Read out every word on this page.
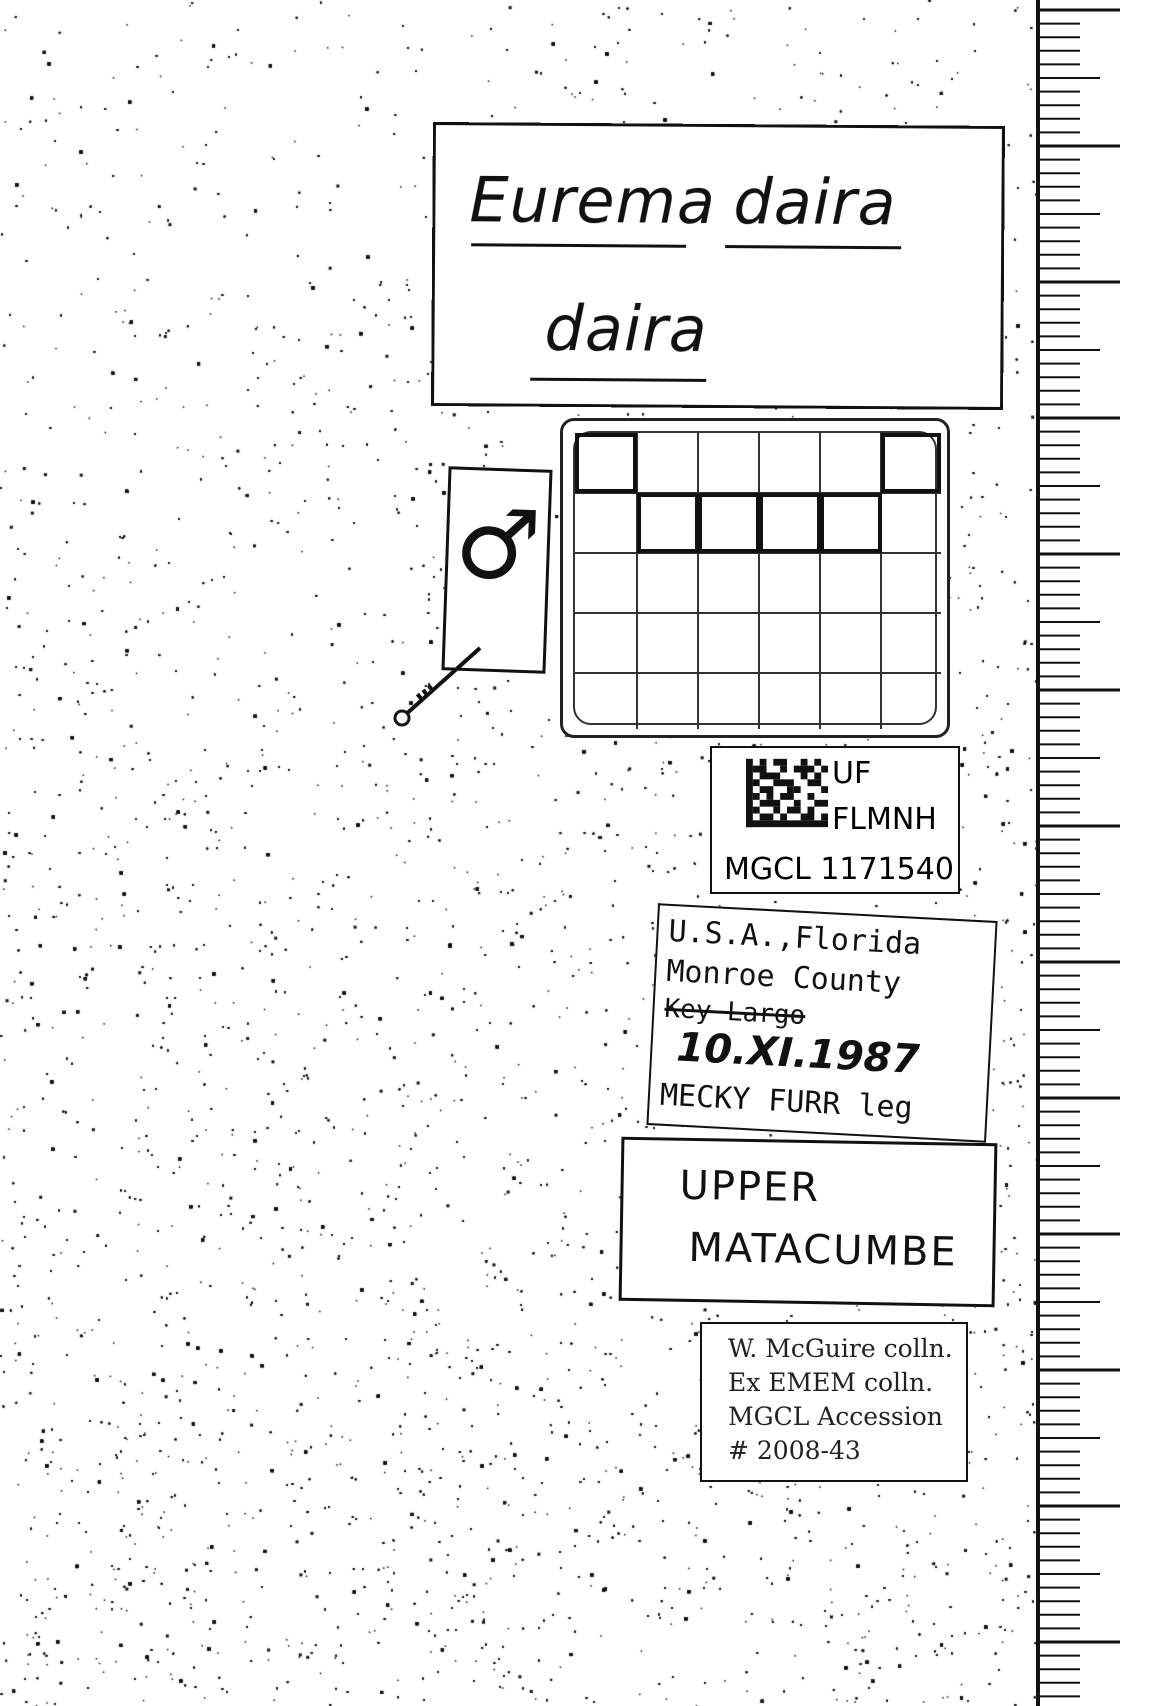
Eurema daira
daira
♂
UF
FLMNH
MGCL 1171540
U.S.A.,Florida
Monroe County
Key Largo
10.XI.1987
MECKY FURR leg
UPPER
MATACUMBE
W. McGuire colln.
Ex EMEM colln.
MGCL Accession
# 2008-43
